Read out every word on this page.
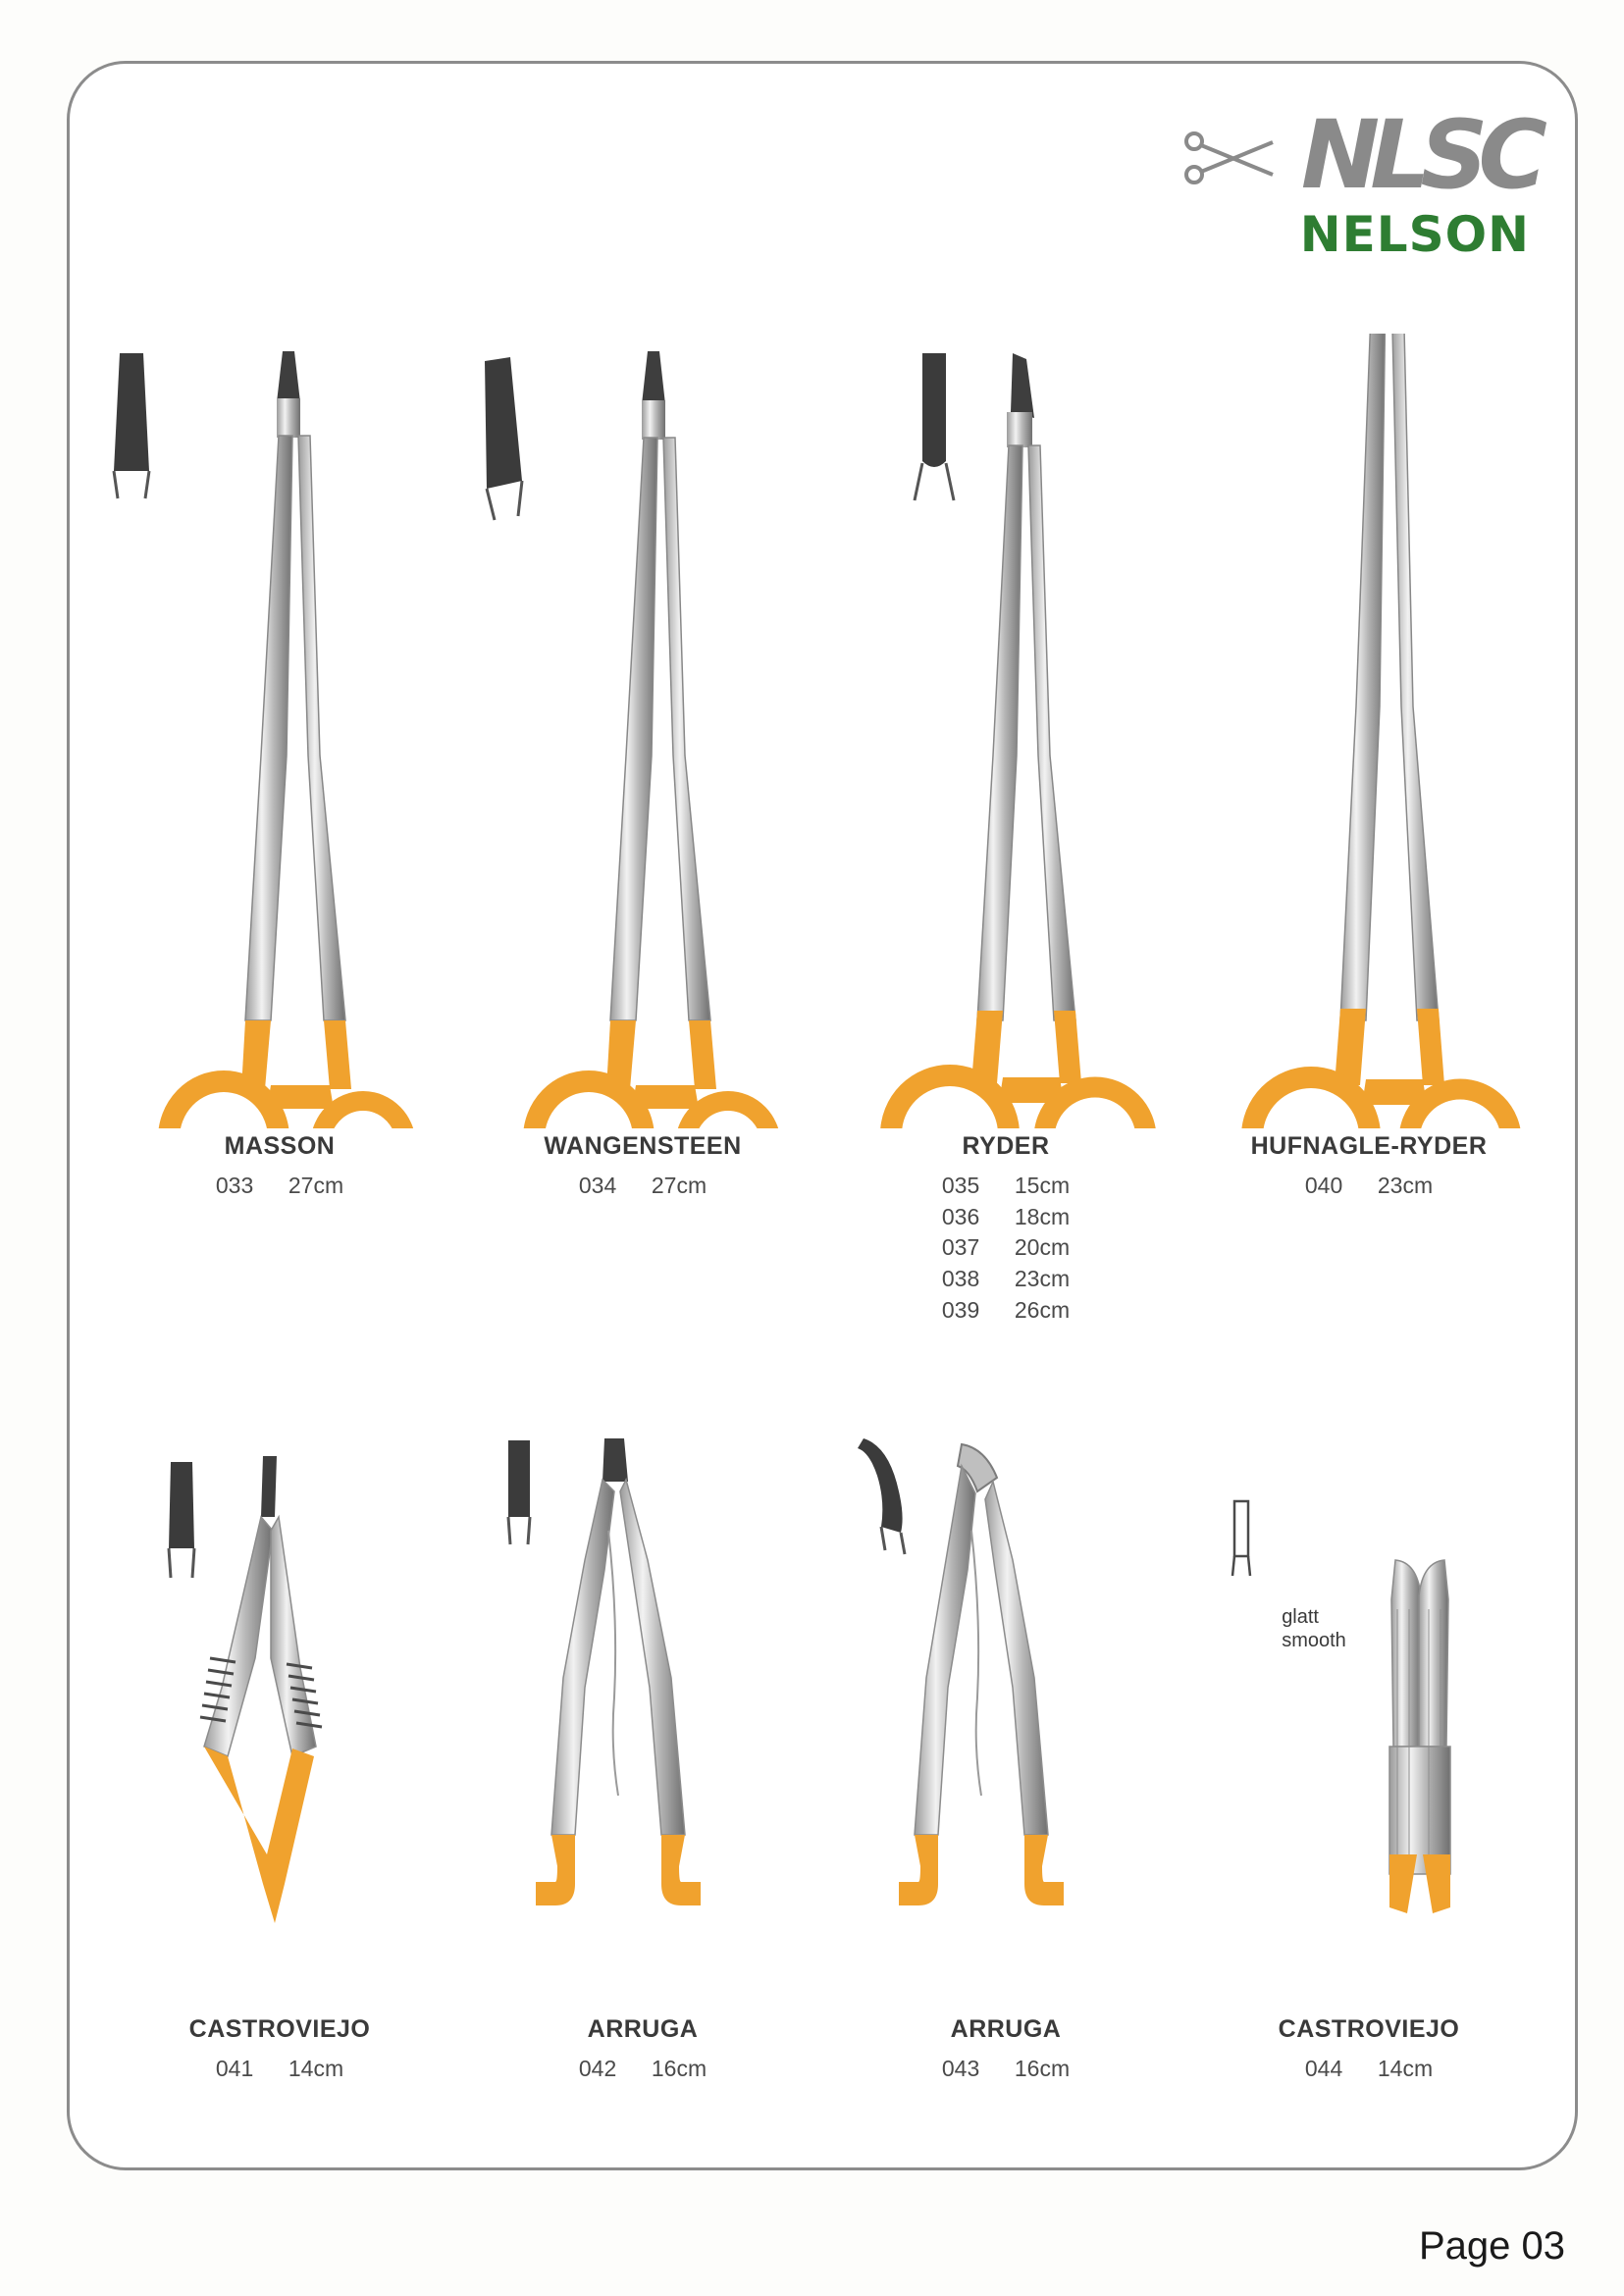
NLSC
NELSON
MASSON
033 27cm
WANGENSTEEN
034 27cm
RYDER
035 15cm
036 18cm
037 20cm
038 23cm
039 26cm
HUFNAGLE-RYDER
040 23cm
CASTROVIEJO
041 14cm
ARRUGA
042 16cm
ARRUGA
043 16cm
glatt
smooth
CASTROVIEJO
044 14cm
Page 03
